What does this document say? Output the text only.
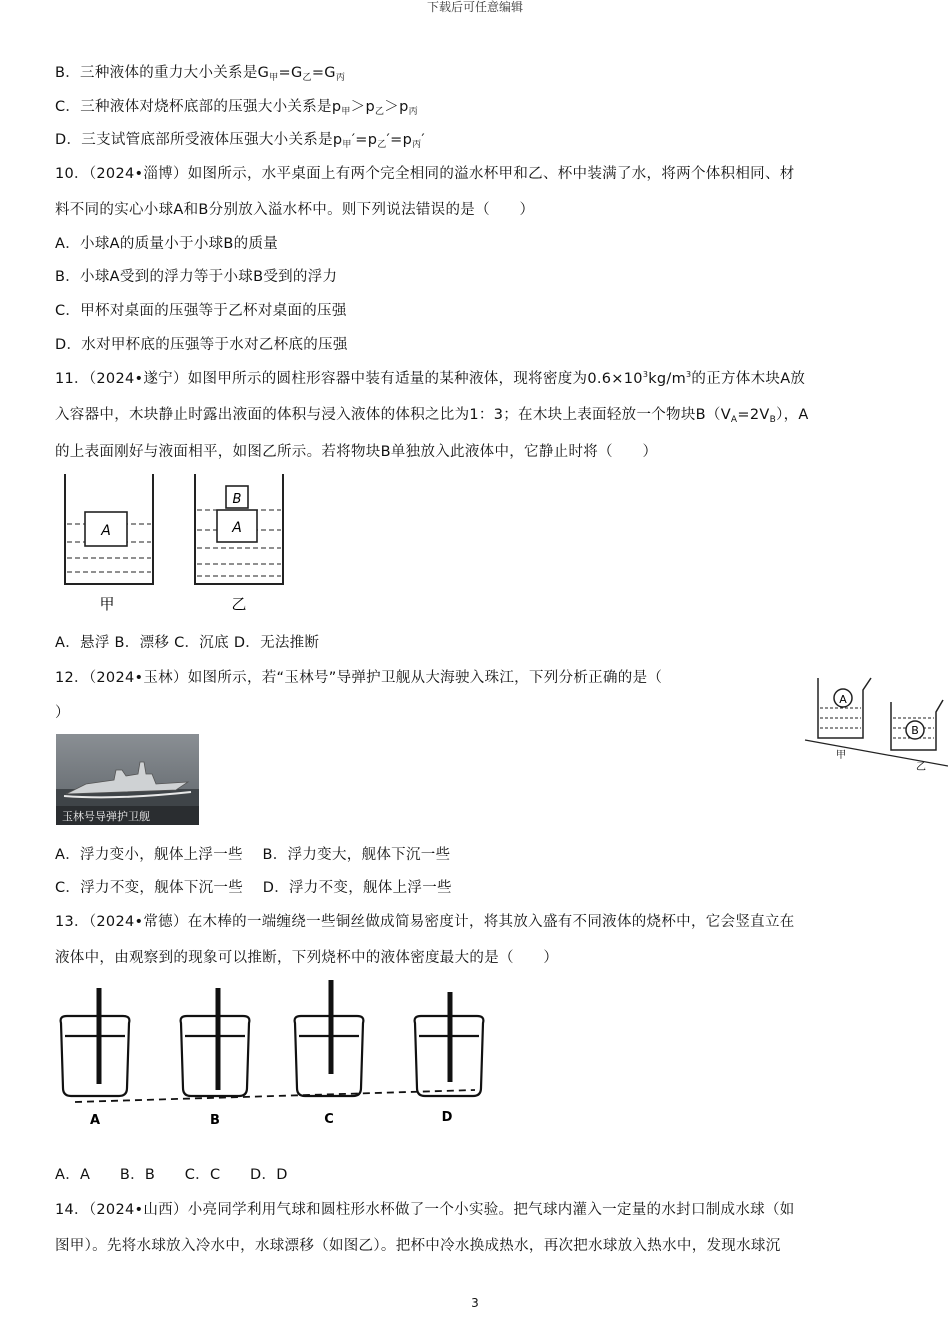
下载后可任意编辑
B．三种液体的重力大小关系是$G_甲=G_乙=G_丙$
C．三种液体对烧杯底部的压强大小关系是$p_甲>p_乙>p_丙$
D．三支试管底部所受液体压强大小关系是$p_甲'=p_乙'=p_丙'$
10．（2024•淄博）如图所示，水平桌面上有两个完全相同的溢水杯甲和乙、杯中装满了水，将两个体积相同、材
料不同的实心小球A和B分别放入溢水杯中。则下列说法错误的是（　　）
A．小球A的质量小于小球B的质量
B．小球A受到的浮力等于小球B受到的浮力
C．甲杯对桌面的压强等于乙杯对桌面的压强
D．水对甲杯底的压强等于水对乙杯底的压强
11．（2024•遂宁）如图甲所示的圆柱形容器中装有适量的某种液体，现将密度为$0.6\times 10^3kg/m^3$的正方体木块A放
入容器中，木块静止时露出液面的体积与浸入液体的体积之比为1：3；在木块上表面轻放一个物块$B(V_A=2V_B)$，A
的上表面刚好与液面相平，如图乙所示。若将物块B单独放入此液体中，它静止时将（　　）
A
甲
A
B
乙
A．悬浮 B．漂移 C．沉底 D．无法推断
12．（2024•玉林）如图所示，若“玉林号”导弹护卫舰从大海驶入珠江，下列分析正确的是（
）
A
B
甲
乙
玉林号导弹护卫舰
A．浮力变小，舰体上浮一些　 B．浮力变大，舰体下沉一些
C．浮力不变，舰体下沉一些　 D．浮力不变，舰体上浮一些
13．（2024•常德）在木棒的一端缠绕一些铜丝做成简易密度计，将其放入盛有不同液体的烧杯中，它会竖直立在
液体中，由观察到的现象可以推断，下列烧杯中的液体密度最大的是（　　）
A	B	C	D
A．A　　B．B　　C．C　　D．D
14．（2024•山西）小亮同学利用气球和圆柱形水杯做了一个小实验。把气球内灌入一定量的水封口制成水球（如
图甲）。先将水球放入冷水中，水球漂移（如图乙）。把杯中冷水换成热水，再次把水球放入热水中，发现水球沉
3
